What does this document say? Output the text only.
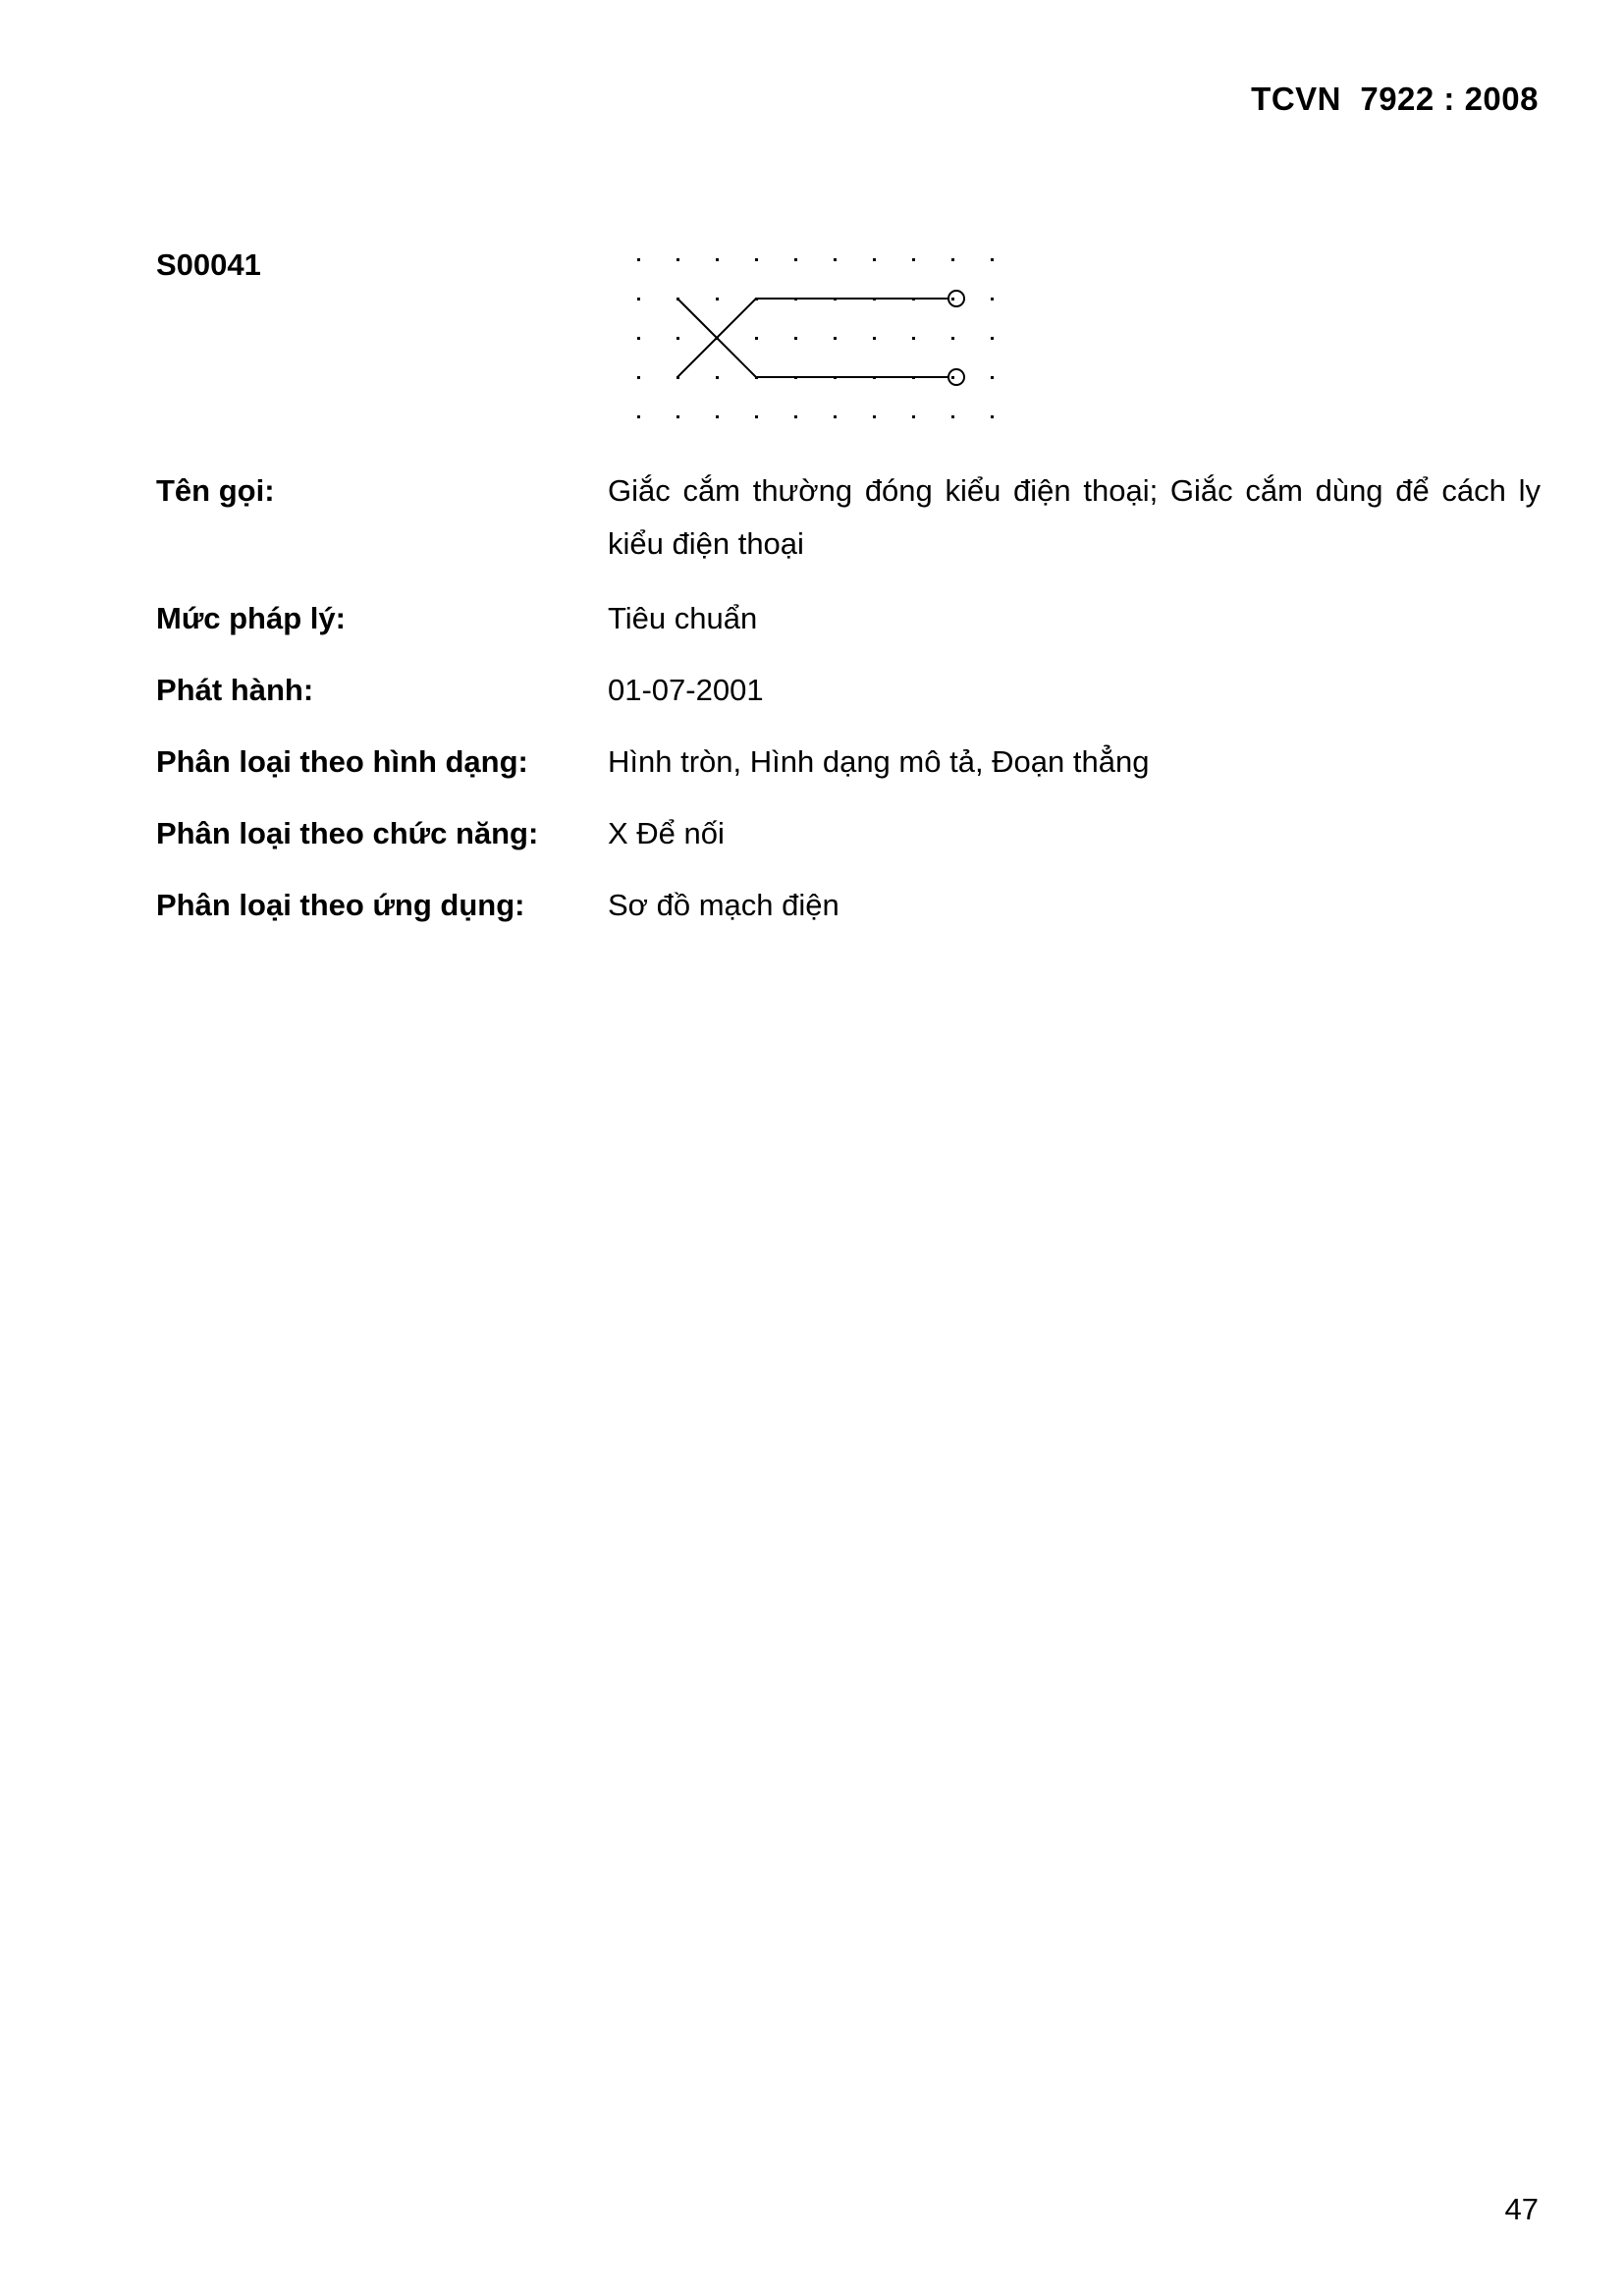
TCVN  7922 : 2008
S00041
Tên gọi:	Giắc cắm thường đóng kiểu điện thoại; Giắc cắm dùng để cách ly kiểu điện thoại
Mức pháp lý:	Tiêu chuẩn
Phát hành:	01-07-2001
Phân loại theo hình dạng:	Hình tròn, Hình dạng mô tả, Đoạn thẳng
Phân loại theo chức năng:	X Để nối
Phân loại theo ứng dụng:	Sơ đồ mạch điện
47
